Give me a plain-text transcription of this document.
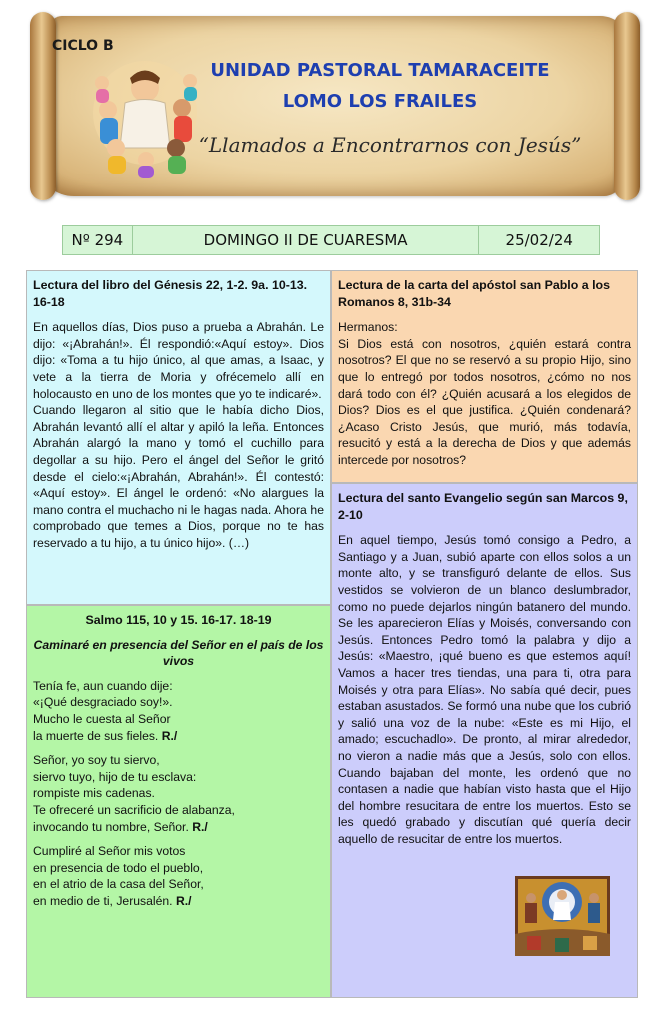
CICLO B
UNIDAD PASTORAL TAMARACEITE
LOMO LOS FRAILES
“Llamados a Encontrarnos con Jesús”
Nº 294	DOMINGO II DE CUARESMA	25/02/24
Lectura del libro del Génesis 22, 1-2. 9a. 10-13. 16-18

En aquellos días, Dios puso a prueba a Abrahán. Le dijo: «¡Abrahán!». Él respondió:«Aquí estoy». Dios dijo: «Toma a tu hijo único, al que amas, a Isaac, y vete a la tierra de Moria y ofrécemelo allí en holocausto en uno de los montes que yo te indicaré».

Cuando llegaron al sitio que le había dicho Dios, Abrahán levantó allí el altar y apiló la leña. Entonces Abrahán alargó la mano y tomó el cuchillo para degollar a su hijo. Pero el ángel del Señor le gritó desde el cielo:«¡Abrahán, Abrahán!». Él contestó: «Aquí estoy». El ángel le ordenó: «No alargues la mano contra el muchacho ni le hagas nada. Ahora he comprobado que temes a Dios, porque no te has reservado a tu hijo, a tu único hijo». (…)

Salmo 115, 10 y 15. 16-17. 18-19
Caminaré en presencia del Señor en el país de los vivos
Tenía fe, aun cuando dije:
«¡Qué desgraciado soy!».
Mucho le cuesta al Señor
la muerte de sus fieles. R./
Señor, yo soy tu siervo,
siervo tuyo, hijo de tu esclava:
rompiste mis cadenas.
Te ofreceré un sacrificio de alabanza,
invocando tu nombre, Señor. R./
Cumpliré al Señor mis votos
en presencia de todo el pueblo,
en el atrio de la casa del Señor,
en medio de ti, Jerusalén. R./
Lectura de la carta del apóstol san Pablo a los Romanos 8, 31b-34

Hermanos:

Si Dios está con nosotros, ¿quién estará contra nosotros? El que no se reservó a su propio Hijo, sino que lo entregó por todos nosotros, ¿cómo no nos dará todo con él? ¿Quién acusará a los elegidos de Dios? Dios es el que justifica. ¿Quién condenará? ¿Acaso Cristo Jesús, que murió, más todavía, resucitó y está a la derecha de Dios y que además intercede por nosotros?

Lectura del santo Evangelio según san Marcos 9, 2-10

En aquel tiempo, Jesús tomó consigo a Pedro, a Santiago y a Juan, subió aparte con ellos solos a un monte alto, y se transfiguró delante de ellos. Sus vestidos se volvieron de un blanco deslumbrador, como no puede dejarlos ningún batanero del mundo. Se les aparecieron Elías y Moisés, conversando con Jesús. Entonces Pedro tomó la palabra y dijo a Jesús: «Maestro, ¡qué bueno es que estemos aquí! Vamos a hacer tres tiendas, una para ti, otra para Moisés y otra para Elías». No sabía qué decir, pues estaban asustados. Se formó una nube que los cubrió y salió una voz de la nube: «Este es mi Hijo, el amado; escuchadlo». De pronto, al mirar alrededor, no vieron a nadie más que a Jesús, solo con ellos. Cuando bajaban del monte, les ordenó que no contasen a nadie que habían visto hasta que el Hijo del hombre resucitara de entre los muertos. Esto se les quedó grabado y discutían qué quería decir aquello de resucitar de entre los muertos.
